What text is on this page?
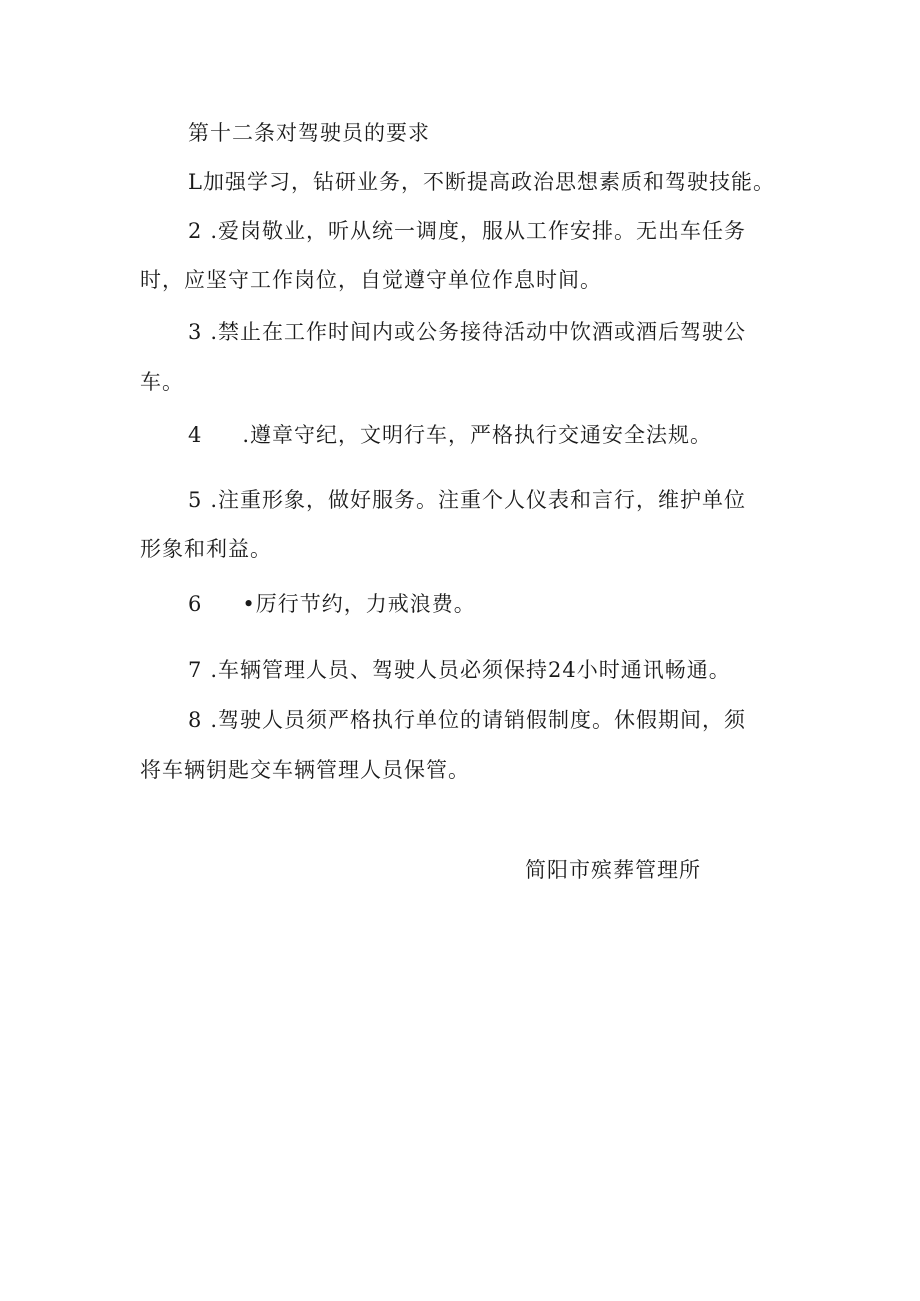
第十二条对驾驶员的要求
L加强学习，钻研业务，不断提高政治思想素质和驾驶技能。
2 .爱岗敬业，听从统一调度，服从工作安排。无出车任务
时，应坚守工作岗位，自觉遵守单位作息时间。
3 .禁止在工作时间内或公务接待活动中饮酒或酒后驾驶公
车。
4 .遵章守纪，文明行车，严格执行交通安全法规。
5 .注重形象，做好服务。注重个人仪表和言行，维护单位
形象和利益。
6 •厉行节约，力戒浪费。
7 .车辆管理人员、驾驶人员必须保持24小时通讯畅通。
8 .驾驶人员须严格执行单位的请销假制度。休假期间，须
将车辆钥匙交车辆管理人员保管。
简阳市殡葬管理所
